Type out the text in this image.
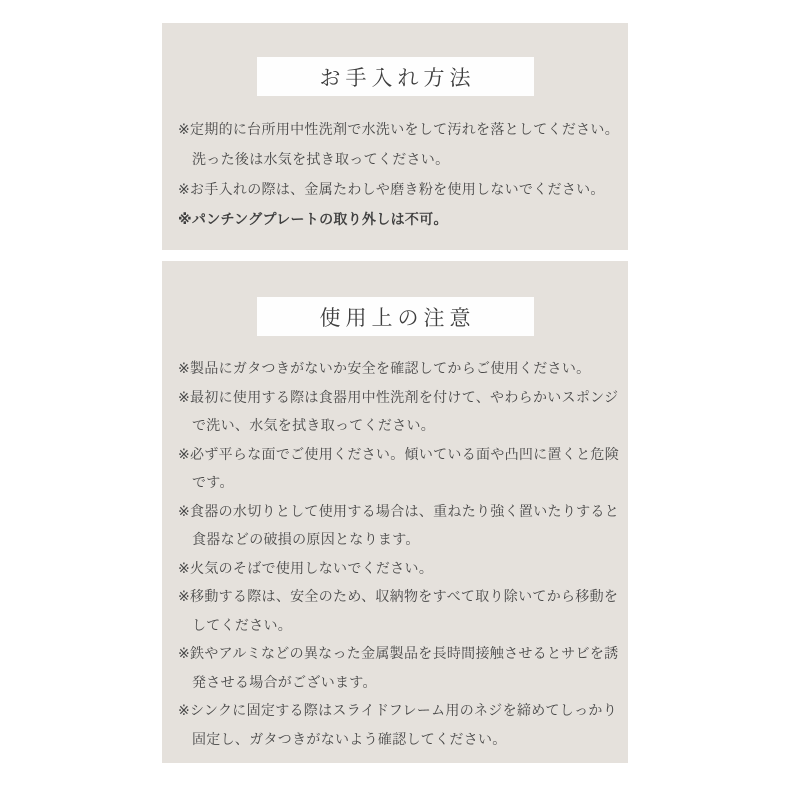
お手入れ方法
※定期的に台所用中性洗剤で水洗いをして汚れを落としてください。洗った後は水気を拭き取ってください。
※お手入れの際は、金属たわしや磨き粉を使用しないでください。
※パンチングプレートの取り外しは不可。
使用上の注意
※製品にガタつきがないか安全を確認してからご使用ください。
※最初に使用する際は食器用中性洗剤を付けて、やわらかいスポンジで洗い、水気を拭き取ってください。
※必ず平らな面でご使用ください。傾いている面や凸凹に置くと危険です。
※食器の水切りとして使用する場合は、重ねたり強く置いたりすると食器などの破損の原因となります。
※火気のそばで使用しないでください。
※移動する際は、安全のため、収納物をすべて取り除いてから移動をしてください。
※鉄やアルミなどの異なった金属製品を長時間接触させるとサビを誘発させる場合がございます。
※シンクに固定する際はスライドフレーム用のネジを締めてしっかり固定し、ガタつきがないよう確認してください。
